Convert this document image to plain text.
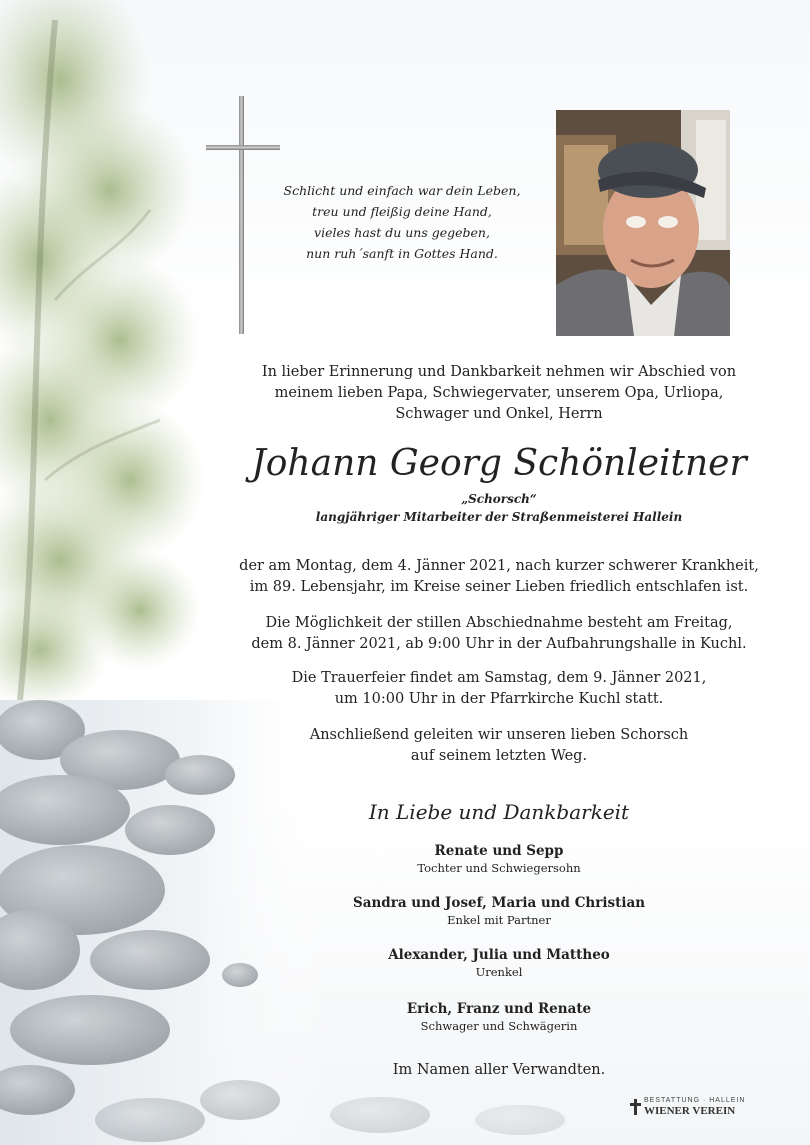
Schlicht und einfach war dein Leben,
treu und fleißig deine Hand,
vieles hast du uns gegeben,
nun ruh´sanft in Gottes Hand.
In lieber Erinnerung und Dankbarkeit nehmen wir Abschied von
meinem lieben Papa, Schwiegervater, unserem Opa, Urliopa,
Schwager und Onkel, Herrn
Johann Georg Schönleitner
„Schorsch“
langjähriger Mitarbeiter der Straßenmeisterei Hallein
der am Montag, dem 4. Jänner 2021, nach kurzer schwerer Krankheit,
im 89. Lebensjahr, im Kreise seiner Lieben friedlich entschlafen ist.
Die Möglichkeit der stillen Abschiednahme besteht am Freitag,
dem 8. Jänner 2021, ab 9:00 Uhr in der Aufbahrungshalle in Kuchl.
Die Trauerfeier findet am Samstag, dem 9. Jänner 2021,
um 10:00 Uhr in der Pfarrkirche Kuchl statt.
Anschließend geleiten wir unseren lieben Schorsch
auf seinem letzten Weg.
In Liebe und Dankbarkeit
Renate und Sepp
Tochter und Schwiegersohn
Sandra und Josef, Maria und Christian
Enkel mit Partner
Alexander, Julia und Mattheo
Urenkel
Erich, Franz und Renate
Schwager und Schwägerin
Im Namen aller Verwandten.
BESTATTUNG · HALLEIN
WIENER VEREIN
